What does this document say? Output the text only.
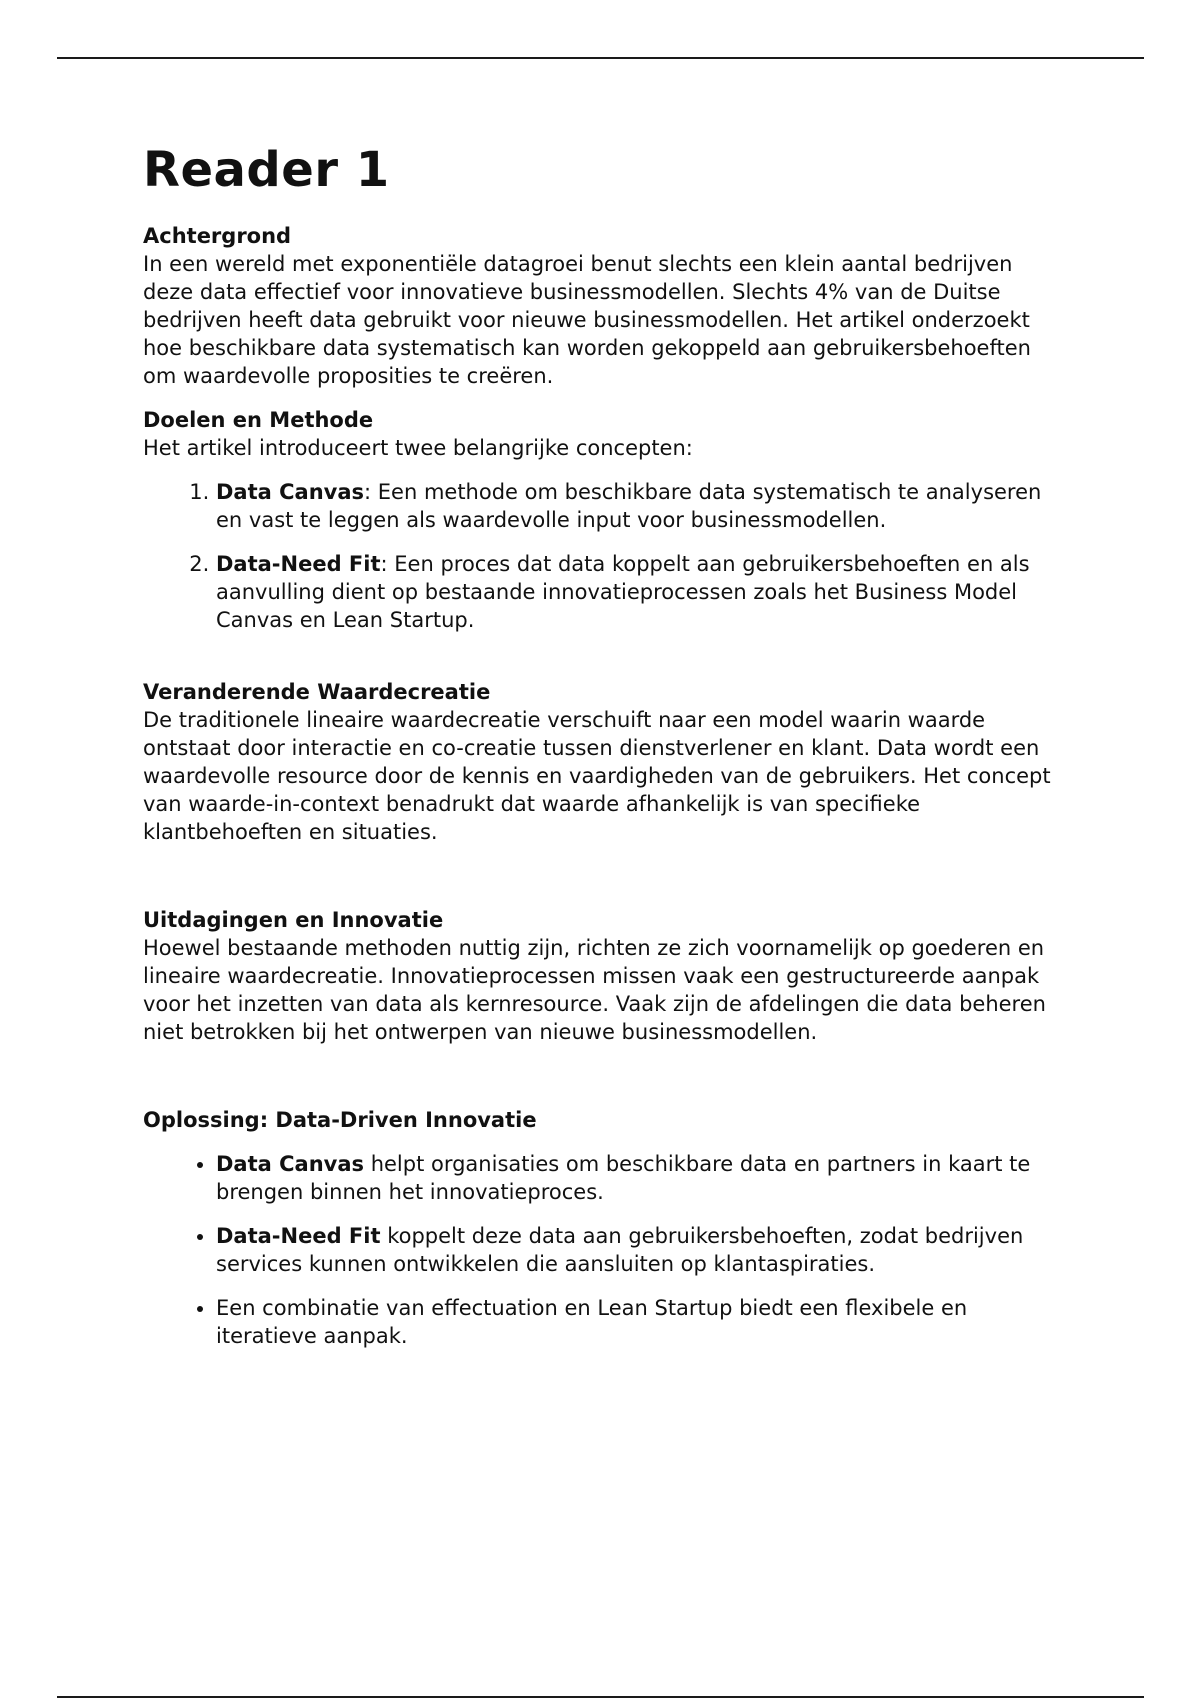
Reader 1
Achtergrond

In een wereld met exponentiële datagroei benut slechts een klein aantal bedrijven deze data effectief voor innovatieve businessmodellen. Slechts 4% van de Duitse bedrijven heeft data gebruikt voor nieuwe businessmodellen. Het artikel onderzoekt hoe beschikbare data systematisch kan worden gekoppeld aan gebruikersbehoeften om waardevolle proposities te creëren.

Doelen en Methode

Het artikel introduceert twee belangrijke concepten:

1. Data Canvas: Een methode om beschikbare data systematisch te analyseren en vast te leggen als waardevolle input voor businessmodellen.
2. Data-Need Fit: Een proces dat data koppelt aan gebruikersbehoeften en als aanvulling dient op bestaande innovatieprocessen zoals het Business Model Canvas en Lean Startup.
Veranderende Waardecreatie

De traditionele lineaire waardecreatie verschuift naar een model waarin waarde ontstaat door interactie en co-creatie tussen dienstverlener en klant. Data wordt een waardevolle resource door de kennis en vaardigheden van de gebruikers. Het concept van waarde-in-context benadrukt dat waarde afhankelijk is van specifieke klantbehoeften en situaties.

Uitdagingen en Innovatie

Hoewel bestaande methoden nuttig zijn, richten ze zich voornamelijk op goederen en lineaire waardecreatie. Innovatieprocessen missen vaak een gestructureerde aanpak voor het inzetten van data als kernresource. Vaak zijn de afdelingen die data beheren niet betrokken bij het ontwerpen van nieuwe businessmodellen.

Oplossing: Data-Driven Innovatie
• Data Canvas helpt organisaties om beschikbare data en partners in kaart te brengen binnen het innovatieproces.
• Data-Need Fit koppelt deze data aan gebruikersbehoeften, zodat bedrijven services kunnen ontwikkelen die aansluiten op klantaspiraties.
• Een combinatie van effectuation en Lean Startup biedt een flexibele en iteratieve aanpak.
